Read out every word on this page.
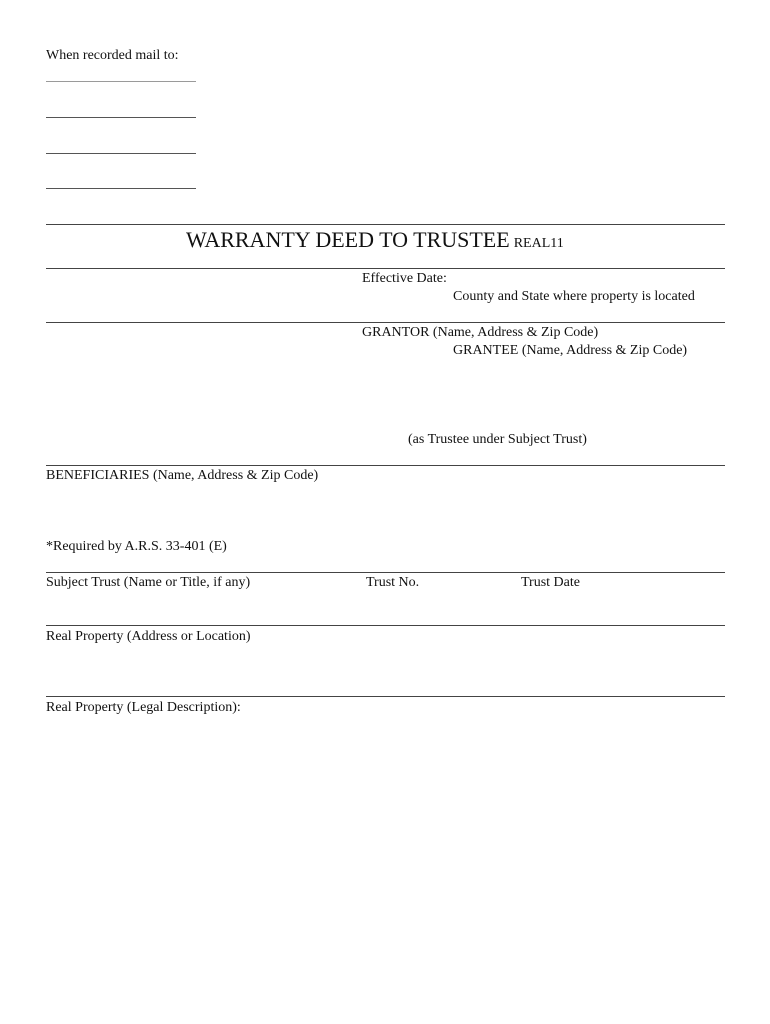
When recorded mail to:
WARRANTY DEED TO TRUSTEE REAL11
Effective Date:
County and State where property is located
GRANTOR (Name, Address & Zip Code)
GRANTEE (Name, Address & Zip Code)
(as Trustee under Subject Trust)
BENEFICIARIES (Name, Address & Zip Code)
*Required by A.R.S. 33-401 (E)
Subject Trust (Name or Title, if any)	Trust No.	Trust Date
Real Property (Address or Location)
Real Property (Legal Description):
